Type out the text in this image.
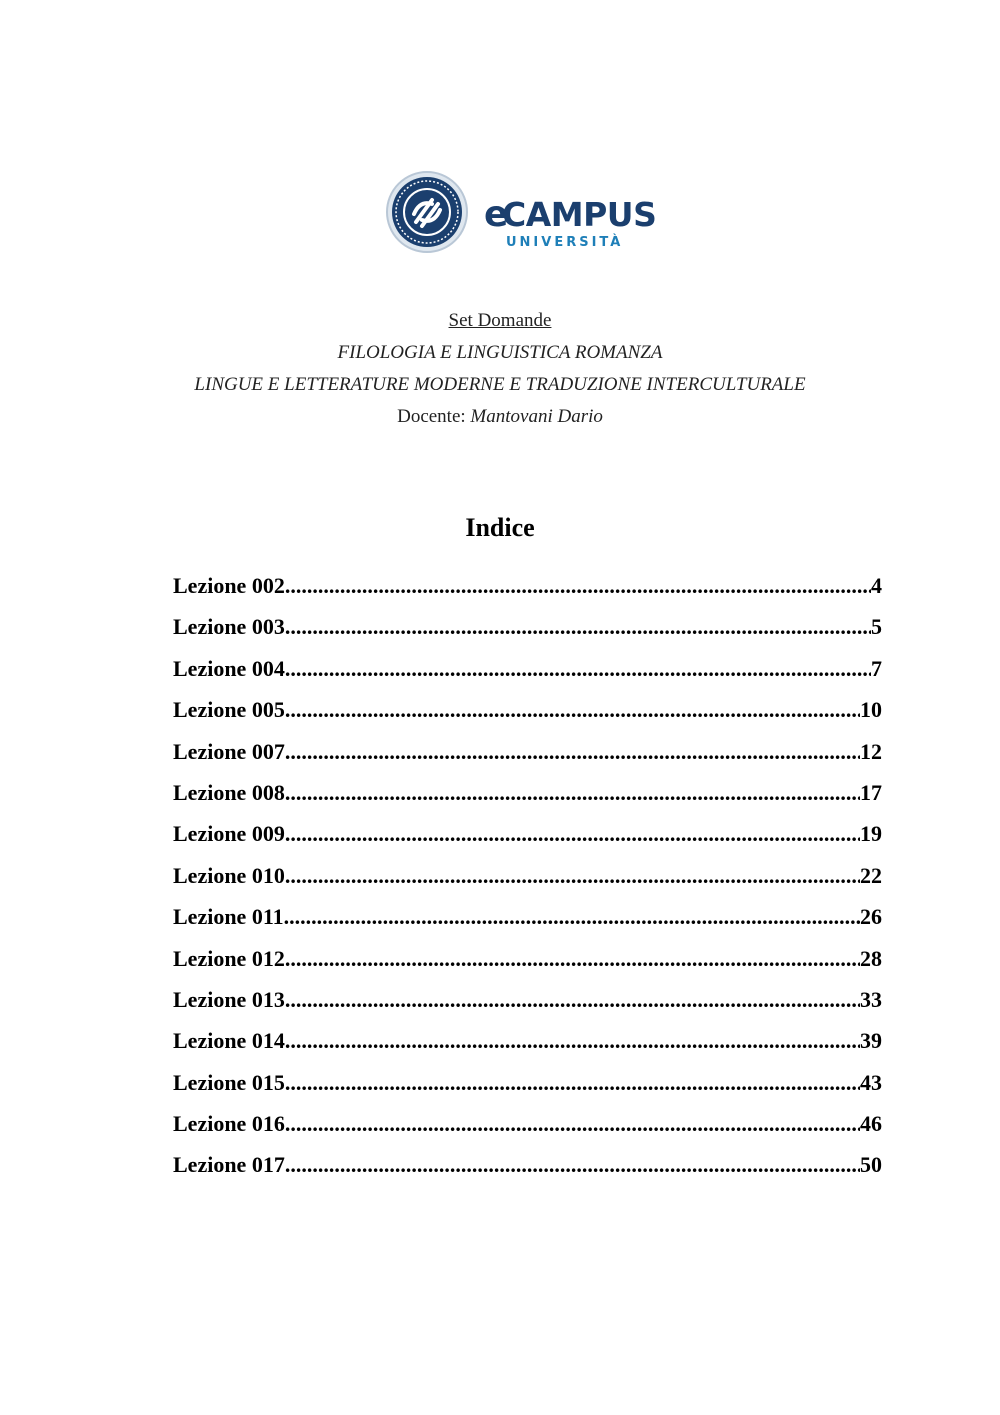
e
CAMPUS
UNIVERSITÀ
Set Domande
FILOLOGIA E LINGUISTICA ROMANZA
LINGUE E LETTERATURE MODERNE E TRADUZIONE INTERCULTURALE
Docente: Mantovani Dario
Indice
Lezione 002 .....	4
Lezione 003 .....	5
Lezione 004 .....	7
Lezione 005 .....	10
Lezione 007 .....	12
Lezione 008 .....	17
Lezione 009 .....	19
Lezione 010 .....	22
Lezione 011 .....	26
Lezione 012 .....	28
Lezione 013 .....	33
Lezione 014 .....	39
Lezione 015 .....	43
Lezione 016 .....	46
Lezione 017 .....	50
